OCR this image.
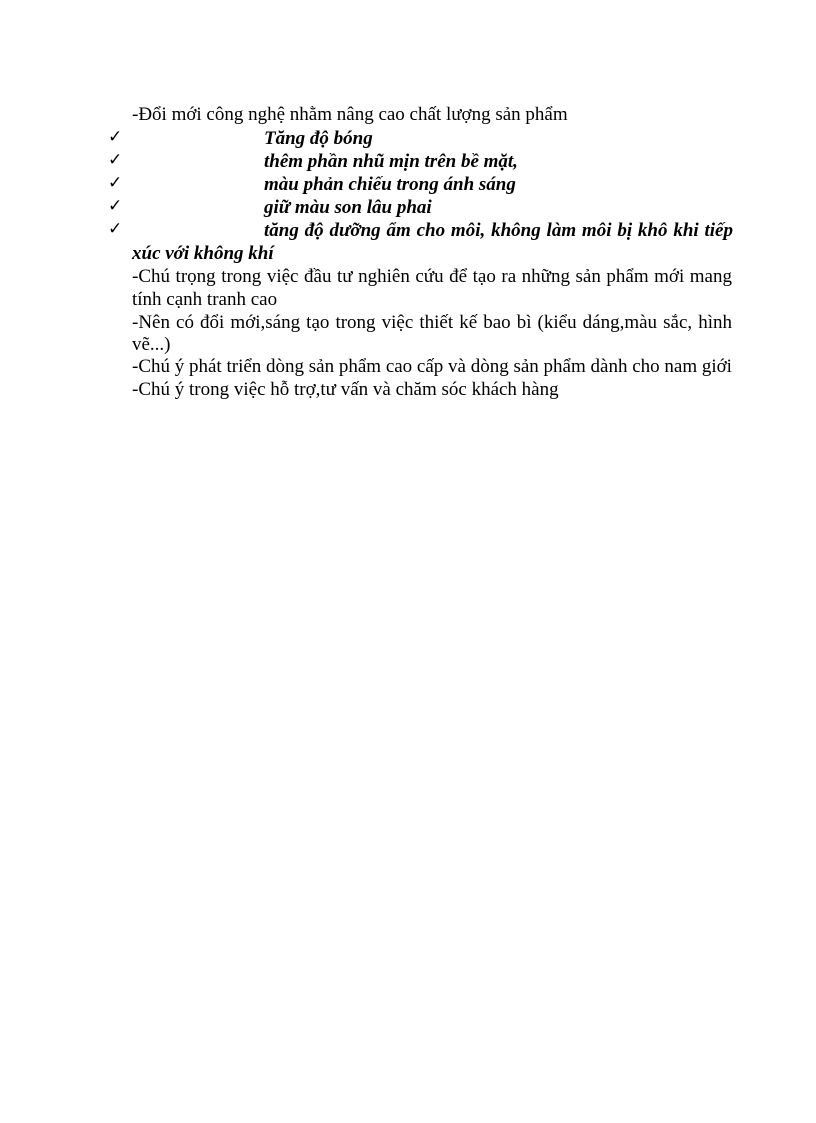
-Đổi mới công nghệ nhằm nâng cao chất lượng sản phẩm
✓	Tăng độ bóng
✓	thêm phần nhũ mịn trên bề mặt,
✓	màu phản chiếu trong ánh sáng
✓	giữ màu son lâu phai
✓	tăng độ dưỡng ẩm cho môi, không làm môi bị khô khi tiếp
xúc với không khí
-Chú trọng trong việc đầu tư nghiên cứu để tạo ra những sản phẩm mới mang
tính cạnh tranh cao
-Nên có đổi mới,sáng tạo trong việc thiết kế bao bì (kiểu dáng,màu sắc, hình
vẽ...)
-Chú ý phát triển dòng sản phẩm cao cấp và dòng sản phẩm dành cho nam giới
-Chú ý trong việc hỗ trợ,tư vấn và chăm sóc khách hàng
